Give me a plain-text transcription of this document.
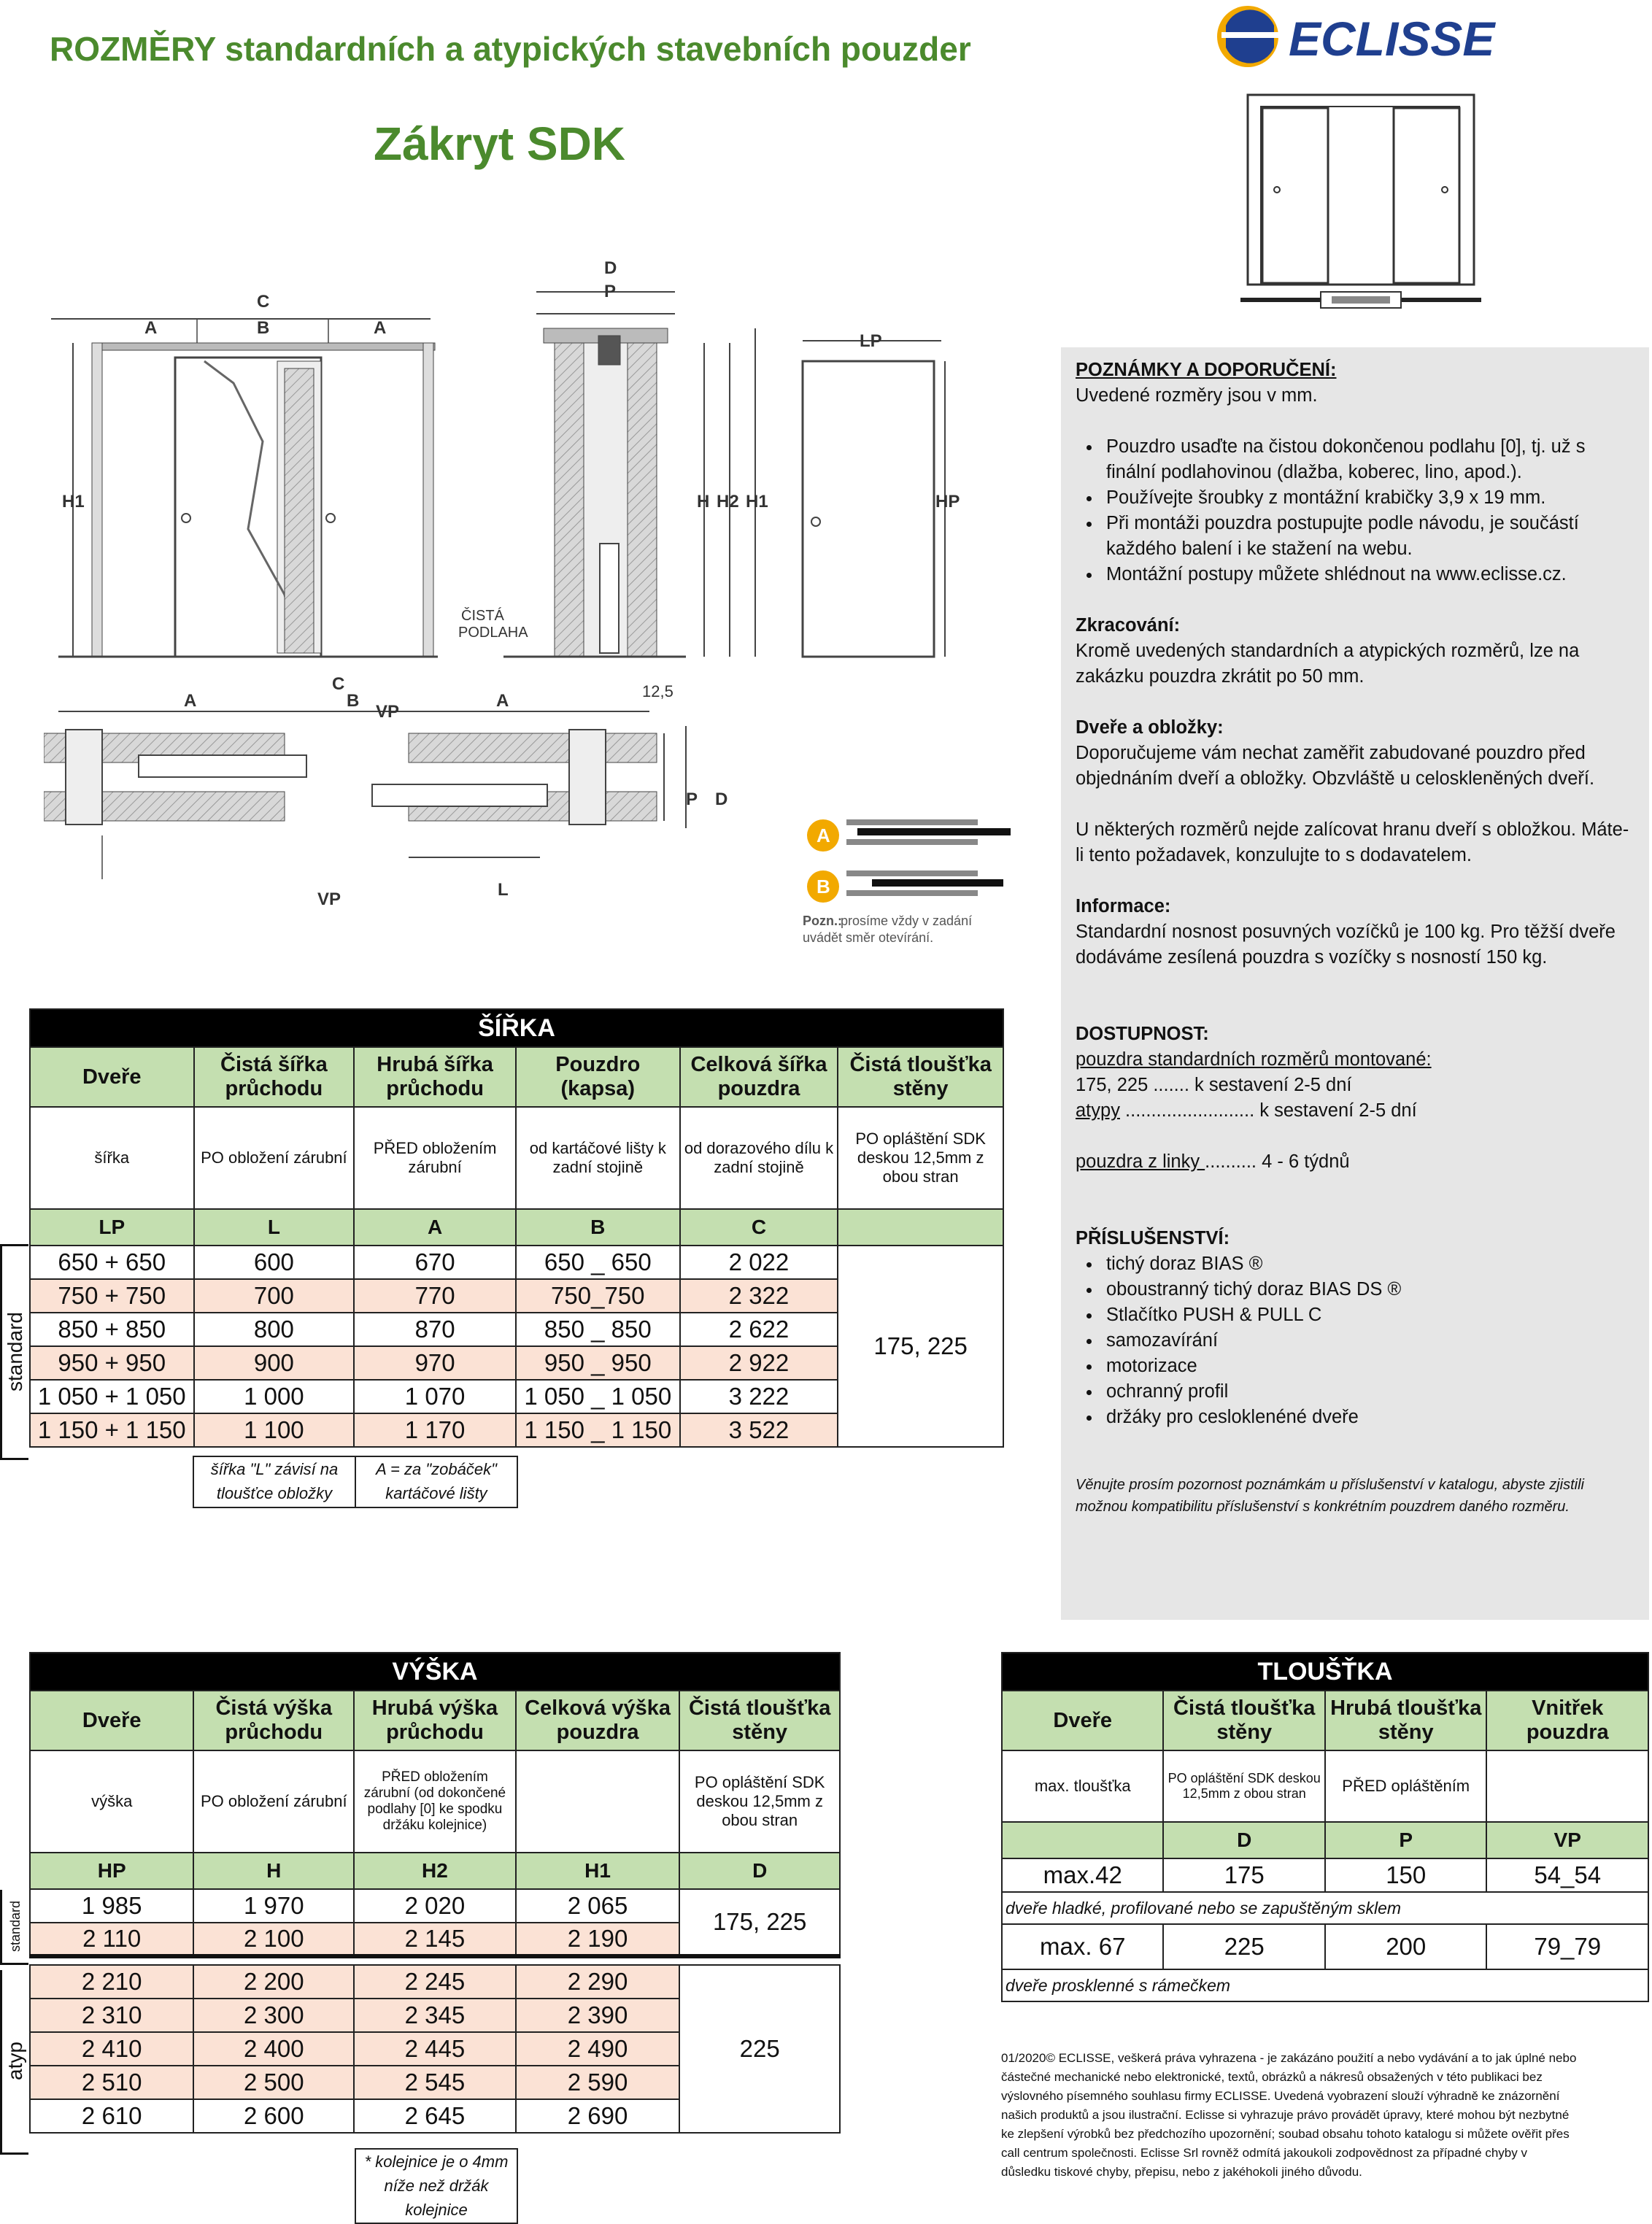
ROZMĚRY standardních a atypických stavebních pouzder
Zákryt SDK
ECLISSE
A
C
B	A
H1
D
P
H H2 H1
ČISTÁ
PODLAHA
LP
HP
C
A	B
VP
A	12,5
P D
VP	L
A
B
Pozn.:
prosíme vždy v zadání
uvádět směr otevírání.
POZNÁMKY A DOPORUČENÍ:
Uvedené rozměry jsou v mm.
• Pouzdro usaďte na čistou dokončenou podlahu [0], tj. už s finální podlahovinou (dlažba, koberec, lino, apod.).
• Používejte šroubky z montážní krabičky 3,9 x 19 mm.
• Při montáži pouzdra postupujte podle návodu, je součástí každého balení i ke stažení na webu.
• Montážní postupy můžete shlédnout na www.eclisse.cz.
Zkracování:
Kromě uvedených standardních a atypických rozměrů, lze na zakázku pouzdra zkrátit po 50 mm.
Dveře a obložky:
Doporučujeme vám nechat zaměřit zabudované pouzdro před objednáním dveří a obložky. Obzvláště u celoskleněných dveří.
U některých rozměrů nejde zalícovat hranu dveří s obložkou. Máte-li tento požadavek, konzulujte to s dodavatelem.
Informace:
Standardní nosnost posuvných vozíčků je 100 kg. Pro těžší dveře dodáváme zesílená pouzdra s vozíčky s nosností 150 kg.
DOSTUPNOST:
pouzdra standardních rozměrů montované:
175, 225 ....... k sestavení 2-5 dní
atypy ......................... k sestavení 2-5 dní
pouzdra z linky .......... 4 - 6 týdnů
PŘÍSLUŠENSTVÍ:
• tichý doraz BIAS ®
• oboustranný tichý doraz BIAS DS ®
• Stlačítko PUSH & PULL C
• samozavírání
• motorizace
• ochranný profil
• držáky pro cesloklenéné dveře
Věnujte prosím pozornost poznámkám u příslušenství v katalogu, abyste zjistili možnou kompatibilitu příslušenství s konkrétním pouzdrem daného rozměru.
standard
ŠÍŘKA					
Dveře	Čistá šířka průchodu	Hrubá šířka průchodu	Pouzdro (kapsa)	Celková šířka pouzdra	Čistá tloušťka stěny
šířka	PO obložení zárubní	PŘED obložením zárubní	od kartáčové lišty k zadní stojině	od dorazového dílu k zadní stojině	PO opláštění SDK deskou 12,5mm z obou stran
LP	L	A	B	C	
650 + 650	600	670	650 _ 650	2 022	175, 225
750 + 750	700	770	750_750	2 322	
850 + 850	800	870	850 _ 850	2 622	
950 + 950	900	970	950 _ 950	2 922	
1 050 + 1 050	1 000	1 070	1 050 _ 1 050	3 222	
1 150 + 1 150	1 100	1 170	1 150 _ 1 150	3 522	
šířka "L" závisí na tloušťce obložky
A = za "zobáček" kartáčové lišty
standard
atyp
VÝŠKA				
Dveře	Čistá výška průchodu	Hrubá výška průchodu	Celková výška pouzdra	Čistá tloušťka stěny
výška	PO obložení zárubní	PŘED obložením zárubní (od dokončené podlahy [0] ke spodku držáku kolejnice)		PO opláštění SDK deskou 12,5mm z obou stran
HP	H	H2	H1	D
1 985	1 970	2 020	2 065	175, 225
2 110	2 100	2 145	2 190	

2 210	2 200	2 245	2 290	225
2 310	2 300	2 345	2 390	
2 410	2 400	2 445	2 490	
2 510	2 500	2 545	2 590	
2 610	2 600	2 645	2 690	
* kolejnice je o 4mm níže než držák kolejnice
TLOUŠŤKA			
Dveře	Čistá tloušťka stěny	Hrubá tloušťka stěny	Vnitřek pouzdra
max. tloušťka	PO opláštění SDK deskou 12,5mm z obou stran	PŘED opláštěním	
	D	P	VP
max.42	175	150	54_54
dveře hladké, profilované nebo se zapuštěným sklem			
max. 67	225	200	79_79
dveře prosklenné s rámečkem			
01/2020© ECLISSE, veškerá práva vyhrazena - je zakázáno použití a nebo vydávání a to jak úplné nebo částečné mechanické nebo elektronické, textů, obrázků a nákresů obsažených v této publikaci bez výslovného písemného souhlasu firmy ECLISSE. Uvedená vyobrazení slouží výhradně ke znázornění našich produktů a jsou ilustrační. Eclisse si vyhrazuje právo provádět úpravy, které mohou být nezbytné ke zlepšení výrobků bez předchozího upozornění; soubad obsahu tohoto katalogu si můžete ověřit přes call centrum společnosti. Eclisse Srl rovněž odmítá jakoukoli zodpovědnost za případné chyby v důsledku tiskové chyby, přepisu, nebo z jakéhokoli jiného důvodu.
